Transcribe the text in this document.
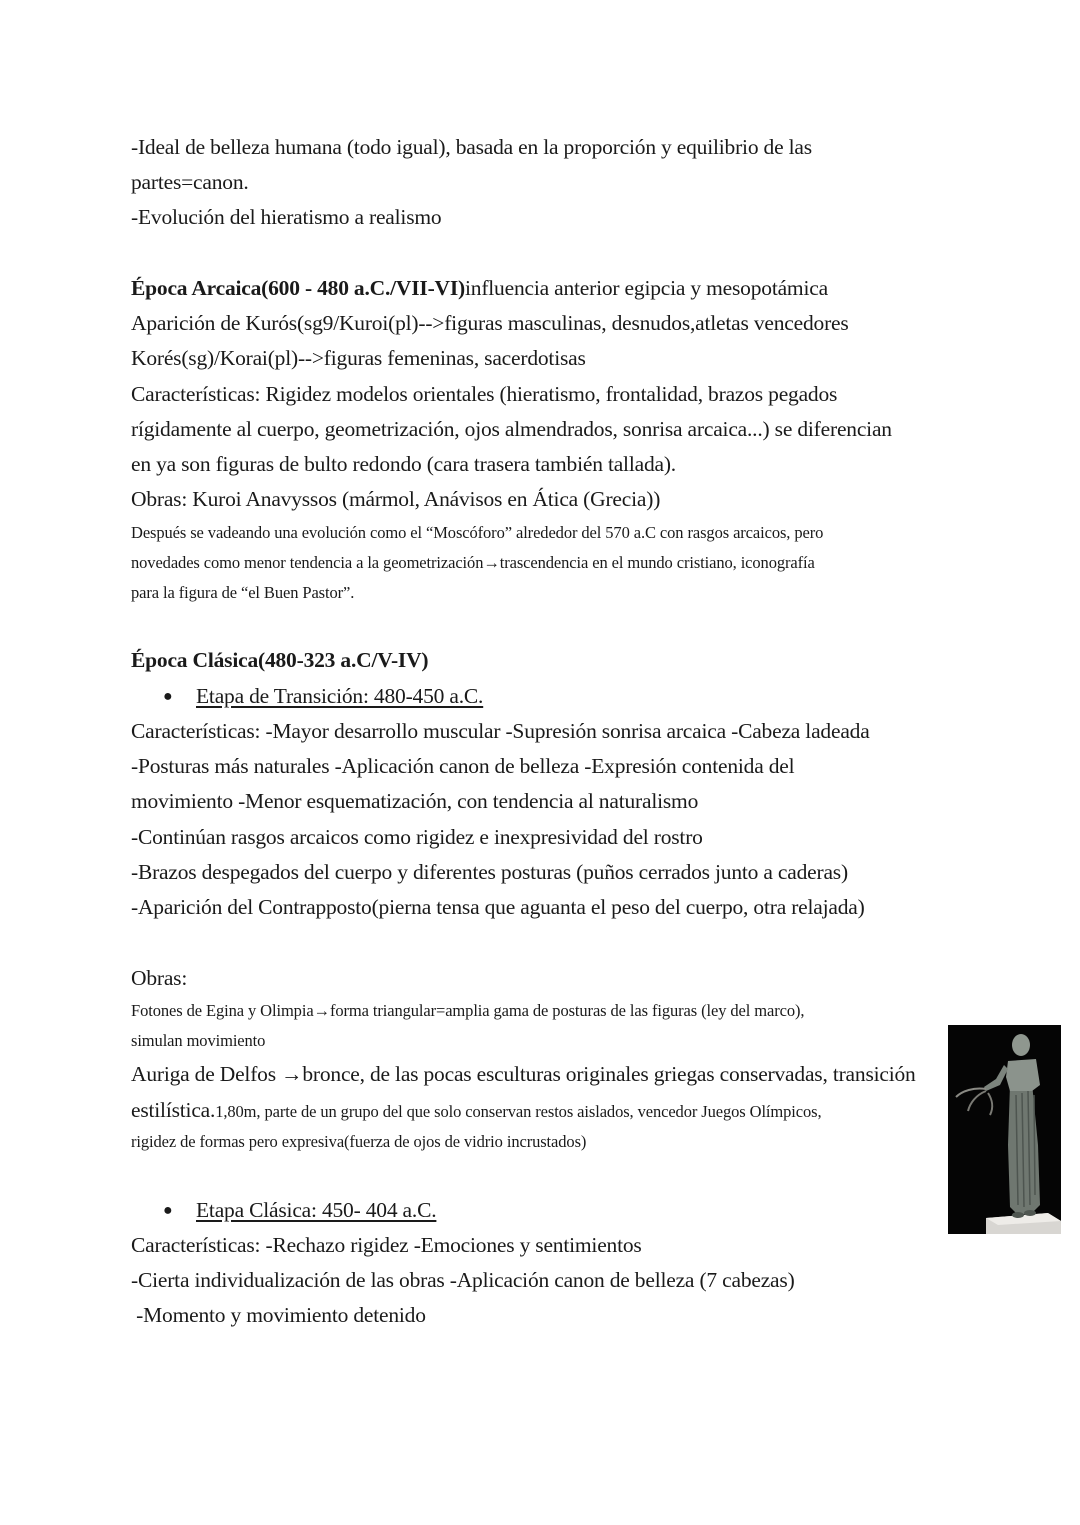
-Ideal de belleza humana (todo igual), basada en la proporción y equilibrio de las
partes=canon.
-Evolución del hieratismo a realismo
Época Arcaica(600 - 480 a.C./VII-VI)influencia anterior egipcia y mesopotámica
Aparición de Kurós(sg9/Kuroi(pl)-->figuras masculinas, desnudos,atletas vencedores
Korés(sg)/Korai(pl)-->figuras femeninas, sacerdotisas
Características: Rigidez modelos orientales (hieratismo, frontalidad, brazos pegados
rígidamente al cuerpo, geometrización, ojos almendrados, sonrisa arcaica...) se diferencian
en ya son figuras de bulto redondo (cara trasera también tallada).
Obras: Kuroi Anavyssos (mármol, Anávisos en Ática (Grecia))
Después se vadeando una evolución como el “Moscóforo” alrededor del 570 a.C con rasgos arcaicos, pero
novedades como menor tendencia a la geometrización→trascendencia en el mundo cristiano, iconografía
para la figura de “el Buen Pastor”.
Época Clásica(480-323 a.C/V-IV)
● Etapa de Transición: 480-450 a.C.
Características: -Mayor desarrollo muscular -Supresión sonrisa arcaica -Cabeza ladeada
-Posturas más naturales -Aplicación canon de belleza -Expresión contenida del
movimiento -Menor esquematización, con tendencia al naturalismo
-Continúan rasgos arcaicos como rigidez e inexpresividad del rostro
-Brazos despegados del cuerpo y diferentes posturas (puños cerrados junto a caderas)
-Aparición del Contrapposto(pierna tensa que aguanta el peso del cuerpo, otra relajada)
Obras:
Fotones de Egina y Olimpia→forma triangular=amplia gama de posturas de las figuras (ley del marco),
simulan movimiento
Auriga de Delfos →bronce, de las pocas esculturas originales griegas conservadas, transición
estilística.1,80m, parte de un grupo del que solo conservan restos aislados, vencedor Juegos Olímpicos,
rigidez de formas pero expresiva(fuerza de ojos de vidrio incrustados)
● Etapa Clásica: 450- 404 a.C.
Características: -Rechazo rigidez -Emociones y sentimientos
-Cierta individualización de las obras -Aplicación canon de belleza (7 cabezas)
-Momento y movimiento detenido
